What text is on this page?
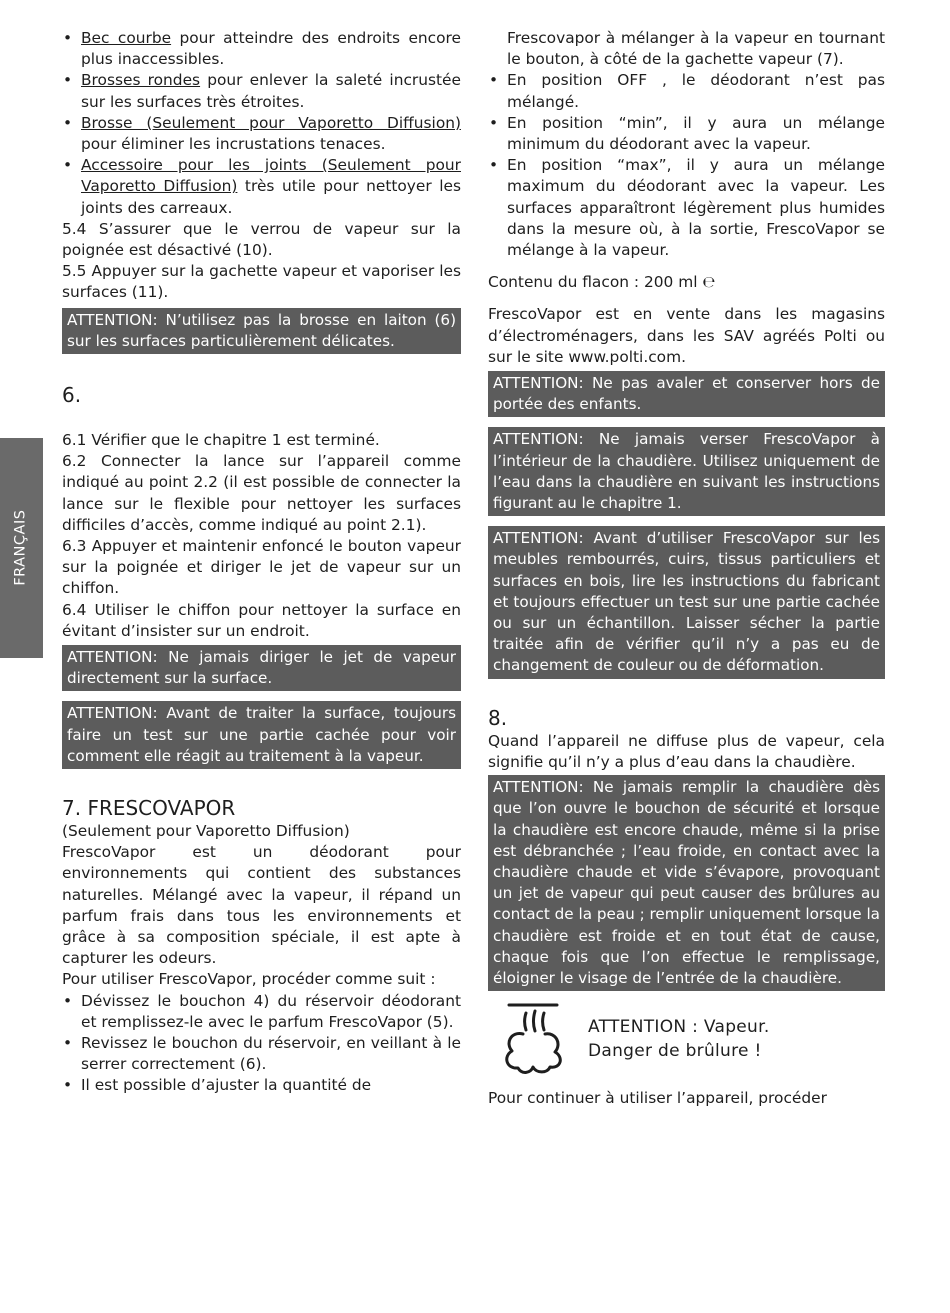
FRANÇAIS
• Bec courbe pour atteindre des endroits encore plus inaccessibles.
• Brosses rondes pour enlever la saleté incrustée sur les surfaces très étroites.
• Brosse (Seulement pour Vaporetto Diffusion) pour éliminer les incrustations tenaces.
• Accessoire pour les joints (Seulement pour Vaporetto Diffusion) très utile pour nettoyer les joints des carreaux.

5.4 S’assurer que le verrou de vapeur sur la poignée est désactivé (10).

5.5 Appuyer sur la gachette vapeur et vaporiser les surfaces (11).

ATTENTION: N’utilisez pas la brosse en laiton (6) sur les surfaces particulièrement délicates.
6.

6.1 Vérifier que le chapitre 1 est terminé.

6.2 Connecter la lance sur l’appareil comme indiqué au point 2.2 (il est possible de connecter la lance sur le flexible pour nettoyer les surfaces difficiles d’accès, comme indiqué au point 2.1).

6.3 Appuyer et maintenir enfoncé le bouton vapeur sur la poignée et diriger le jet de vapeur sur un chiffon.

6.4 Utiliser le chiffon pour nettoyer la surface en évitant d’insister sur un endroit.

ATTENTION: Ne jamais diriger le jet de vapeur directement sur la surface.
ATTENTION: Avant de traiter la surface, toujours faire un test sur une partie cachée pour voir comment elle réagit au traitement à la vapeur.
7. FRESCOVAPOR
(Seulement pour Vaporetto Diffusion)

FrescoVapor est un déodorant pour environnements qui contient des substances naturelles. Mélangé avec la vapeur, il répand un parfum frais dans tous les environnements et grâce à sa composition spéciale, il est apte à capturer les odeurs.

Pour utiliser FrescoVapor, procéder comme suit :

• Dévissez le bouchon 4) du réservoir déodorant et remplissez-le avec le parfum FrescoVapor (5).
• Revissez le bouchon du réservoir, en veillant à le serrer correctement (6).
• Il est possible d’ajuster la quantité de

Frescovapor à mélanger à la vapeur en tournant le bouton, à côté de la gachette vapeur (7).

• En position OFF , le déodorant n’est pas mélangé.
• En position “min”, il y aura un mélange minimum du déodorant avec la vapeur.
• En position “max”, il y aura un mélange maximum du déodorant avec la vapeur. Les surfaces apparaîtront légèrement plus humides dans la mesure où, à la sortie, FrescoVapor se mélange à la vapeur.

Contenu du flacon : 200 ml ℮

FrescoVapor est en vente dans les magasins d’électroménagers, dans les SAV agréés Polti ou sur le site www.polti.com.

ATTENTION: Ne pas avaler et conserver hors de portée des enfants.
ATTENTION: Ne jamais verser FrescoVapor à l’intérieur de la chaudière. Utilisez uniquement de l’eau dans la chaudière en suivant les instructions figurant au le chapitre 1.
ATTENTION: Avant d’utiliser FrescoVapor sur les meubles rembourrés, cuirs, tissus particuliers et surfaces en bois, lire les instructions du fabricant et toujours effectuer un test sur une partie cachée ou sur un échantillon. Laisser sécher la partie traitée afin de vérifier qu’il n’y a pas eu de changement de couleur ou de déformation.
8.

Quand l’appareil ne diffuse plus de vapeur, cela signifie qu’il n’y a plus d’eau dans la chaudière.

ATTENTION: Ne jamais remplir la chaudière dès que l’on ouvre le bouchon de sécurité et lorsque la chaudière est encore chaude, même si la prise est débranchée ; l’eau froide, en contact avec la chaudière chaude et vide s’évapore, provoquant un jet de vapeur qui peut causer des brûlures au contact de la peau ; remplir uniquement lorsque la chaudière est froide et en tout état de cause, chaque fois que l’on effectue le remplissage, éloigner le visage de l’entrée de la chaudière.
ATTENTION : Vapeur.
Danger de brûlure !

Pour continuer à utiliser l’appareil, procéder
